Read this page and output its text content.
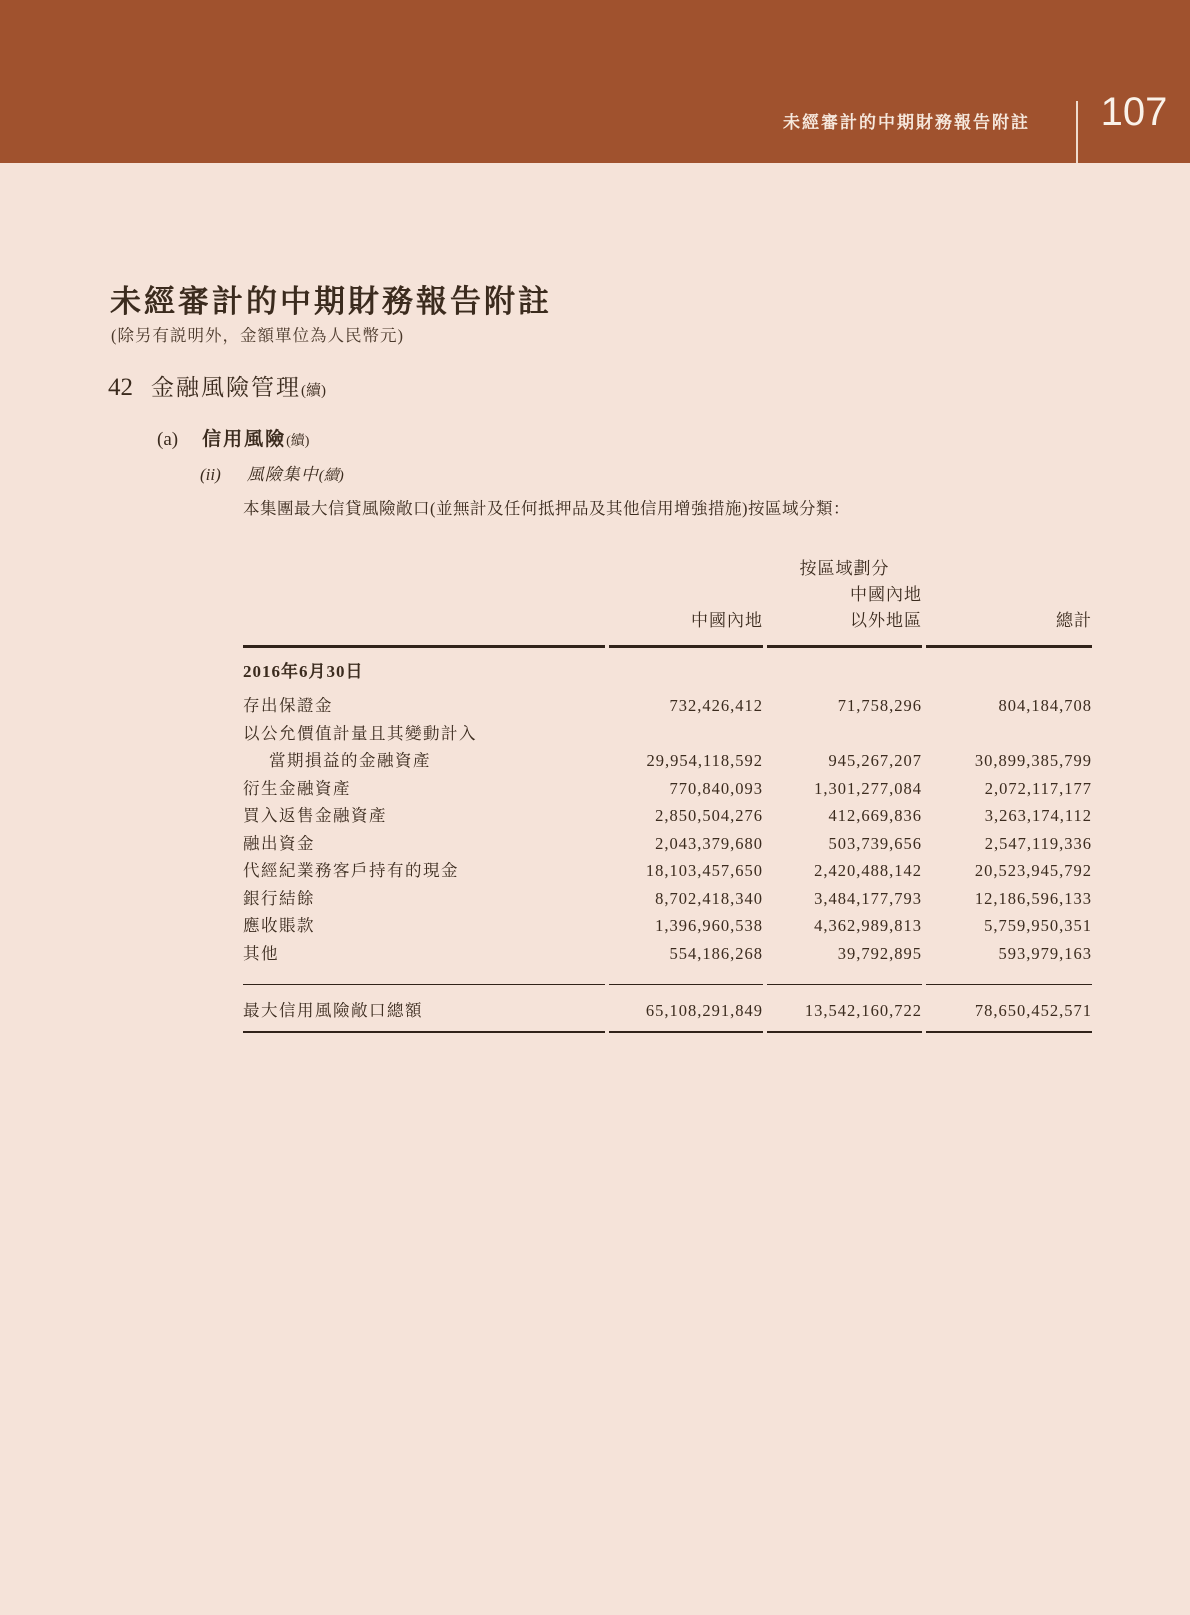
未經審計的中期財務報告附註	107
未經審計的中期財務報告附註
(除另有説明外，金額單位為人民幣元)
42 金融風險管理(續)
(a) 信用風險(續)
(ii) 風險集中(續)
本集團最大信貸風險敞口(並無計及任何抵押品及其他信用增強措施)按區域分類：
		按區域劃分	
		中國內地	
	中國內地	以外地區	總計
2016年6月30日			
存出保證金	732,426,412	71,758,296	804,184,708
以公允價值計量且其變動計入			
當期損益的金融資產	29,954,118,592	945,267,207	30,899,385,799
衍生金融資產	770,840,093	1,301,277,084	2,072,117,177
買入返售金融資產	2,850,504,276	412,669,836	3,263,174,112
融出資金	2,043,379,680	503,739,656	2,547,119,336
代經紀業務客戶持有的現金	18,103,457,650	2,420,488,142	20,523,945,792
銀行結餘	8,702,418,340	3,484,177,793	12,186,596,133
應收賬款	1,396,960,538	4,362,989,813	5,759,950,351
其他	554,186,268	39,792,895	593,979,163
最大信用風險敞口總額	65,108,291,849	13,542,160,722	78,650,452,571
